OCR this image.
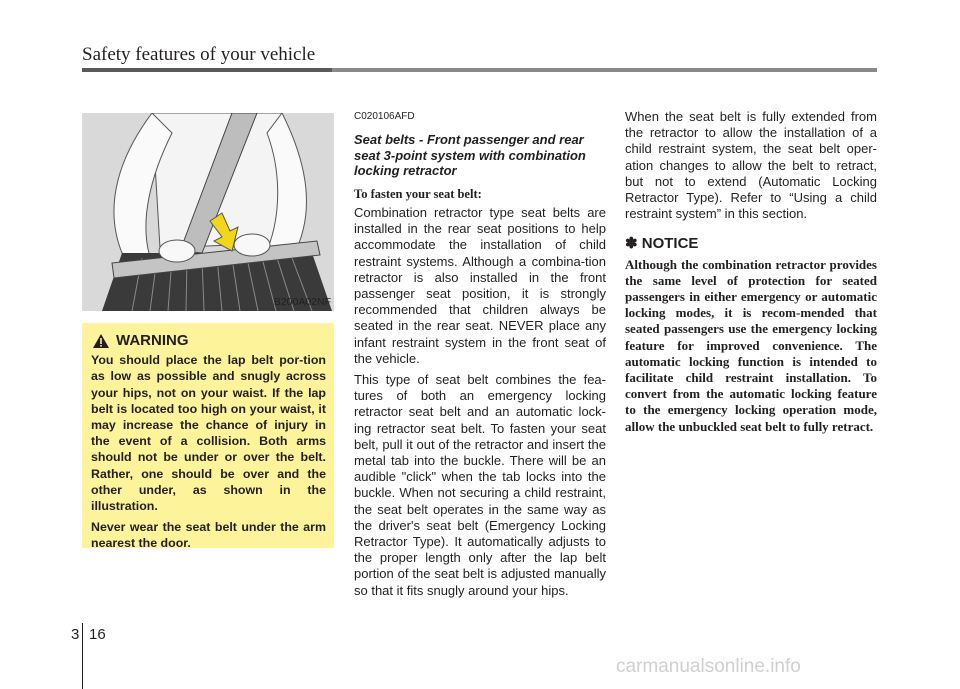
Safety features of your vehicle
B200A02NF
WARNING

You should place the lap belt por-tion as low as possible and snugly across your hips, not on your waist. If the lap belt is located too high on your waist, it may increase the chance of injury in the event of a collision. Both arms should not be under or over the belt. Rather, one should be over and the other under, as shown in the illustration.

Never wear the seat belt under the arm nearest the door.

C020106AFD
Seat belts - Front passenger and rear seat 3-point system with combination locking retractor
To fasten your seat belt:

Combination retractor type seat belts are installed in the rear seat positions to help accommodate the installation of child restraint systems. Although a combina-tion retractor is also installed in the front passenger seat position, it is strongly recommended that children always be seated in the rear seat. NEVER place any infant restraint system in the front seat of the vehicle.

This type of seat belt combines the fea-tures of both an emergency locking retractor seat belt and an automatic lock-ing retractor seat belt. To fasten your seat belt, pull it out of the retractor and insert the metal tab into the buckle. There will be an audible "click" when the tab locks into the buckle. When not securing a child restraint, the seat belt operates in the same way as the driver's seat belt (Emergency Locking Retractor Type). It automatically adjusts to the proper length only after the lap belt portion of the seat belt is adjusted manually so that it fits snugly around your hips.

When the seat belt is fully extended from the retractor to allow the installation of a child restraint system, the seat belt oper-ation changes to allow the belt to retract, but not to extend (Automatic Locking Retractor Type). Refer to “Using a child restraint system” in this section.

✽ NOTICE
Although the combination retractor provides the same level of protection for seated passengers in either emergency or automatic locking modes, it is recom-mended that seated passengers use the emergency locking feature for improved convenience. The automatic locking function is intended to facilitate child restraint installation. To convert from the automatic locking feature to the emergency locking operation mode, allow the unbuckled seat belt to fully retract.
3 16
carmanualsonline.info
